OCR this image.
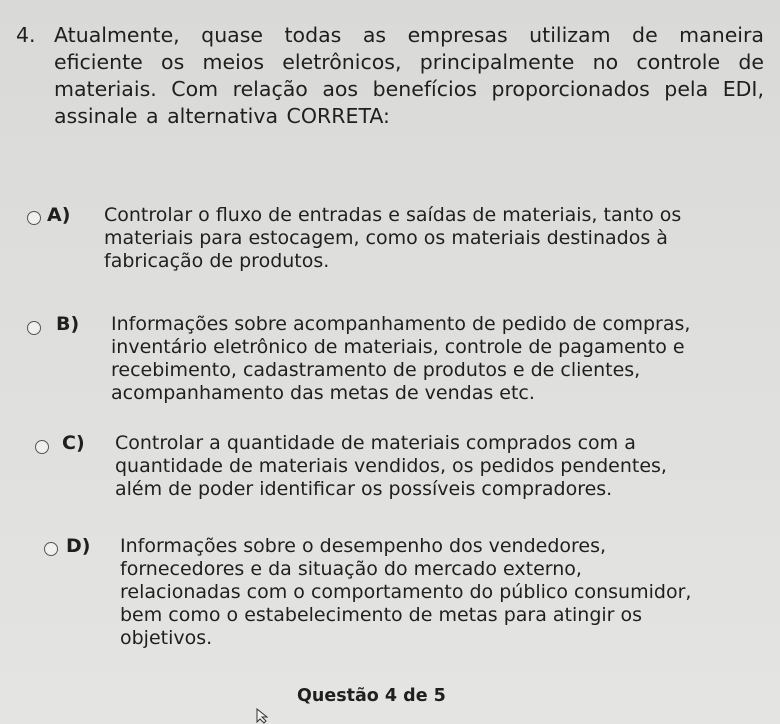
4. Atualmente, quase todas as empresas utilizam de maneira eficiente os meios eletrônicos, principalmente no controle de materiais. Com relação aos benefícios proporcionados pela EDI, assinale a alternativa CORRETA:
A) Controlar o fluxo de entradas e saídas de materiais, tanto os materiais para estocagem, como os materiais destinados à fabricação de produtos.
B) Informações sobre acompanhamento de pedido de compras, inventário eletrônico de materiais, controle de pagamento e recebimento, cadastramento de produtos e de clientes, acompanhamento das metas de vendas etc.
C) Controlar a quantidade de materiais comprados com a quantidade de materiais vendidos, os pedidos pendentes, além de poder identificar os possíveis compradores.
D) Informações sobre o desempenho dos vendedores, fornecedores e da situação do mercado externo, relacionadas com o comportamento do público consumidor, bem como o estabelecimento de metas para atingir os objetivos.
Questão 4 de 5
